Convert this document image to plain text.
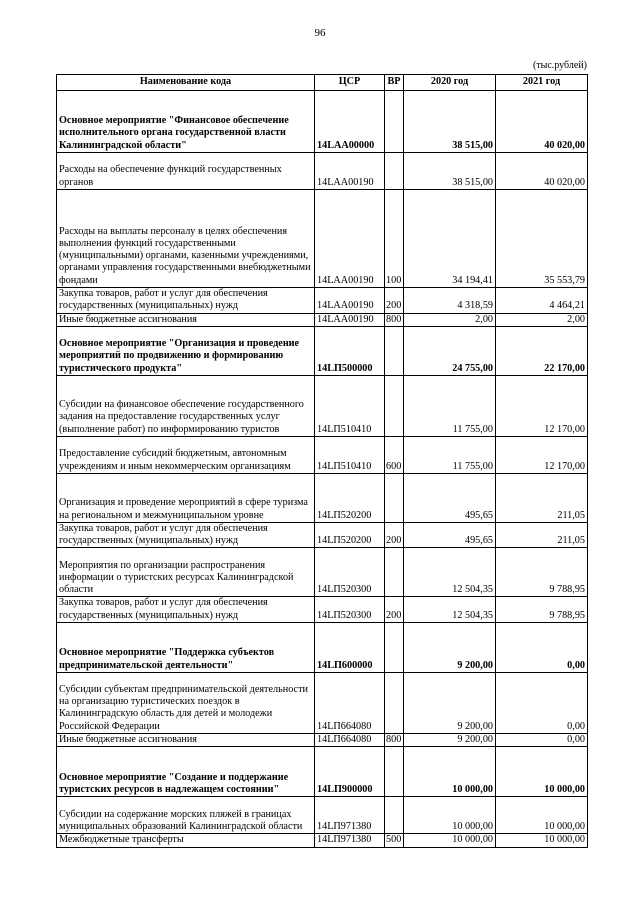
96
(тыс.рублей)
Наименование кода	ЦСР	ВР	2020 год	2021 год
Основное мероприятие "Финансовое обеспечение исполнительного органа государственной власти Калининградской области"	14LAA00000		38 515,00	40 020,00
Расходы на обеспечение функций государственных органов	14LAA00190		38 515,00	40 020,00
Расходы на выплаты персоналу в целях обеспечения выполнения функций государственными (муниципальными) органами, казенными учреждениями, органами управления государственными внебюджетными фондами	14LAA00190	100	34 194,41	35 553,79
Закупка товаров, работ и услуг для обеспечения государственных (муниципальных) нужд	14LAA00190	200	4 318,59	4 464,21
Иные бюджетные ассигнования	14LAA00190	800	2,00	2,00
Основное мероприятие "Организация и проведение мероприятий по продвижению и формированию туристического продукта"	14LП500000		24 755,00	22 170,00
Субсидии на финансовое обеспечение государственного задания на предоставление государственных услуг (выполнение работ) по информированию туристов	14LП510410		11 755,00	12 170,00
Предоставление субсидий бюджетным, автономным учреждениям и иным некоммерческим организациям	14LП510410	600	11 755,00	12 170,00
Организация и проведение мероприятий в сфере туризма на региональном и межмуниципальном уровне	14LП520200		495,65	211,05
Закупка товаров, работ и услуг для обеспечения государственных (муниципальных) нужд	14LП520200	200	495,65	211,05
Мероприятия по организации распространения информации о туристских ресурсах Калининградской области	14LП520300		12 504,35	9 788,95
Закупка товаров, работ и услуг для обеспечения государственных (муниципальных) нужд	14LП520300	200	12 504,35	9 788,95
Основное мероприятие "Поддержка субъектов предпринимательской деятельности"	14LП600000		9 200,00	0,00
Субсидии субъектам предпринимательской деятельности на организацию туристических поездок в Калининградскую область для детей и молодежи Российской Федерации	14LП664080		9 200,00	0,00
Иные бюджетные ассигнования	14LП664080	800	9 200,00	0,00
Основное мероприятие "Создание и поддержание туристских ресурсов в надлежащем состоянии"	14LП900000		10 000,00	10 000,00
Субсидии на содержание морских пляжей в границах муниципальных образований Калининградской области	14LП971380		10 000,00	10 000,00
Межбюджетные трансферты	14LП971380	500	10 000,00	10 000,00
